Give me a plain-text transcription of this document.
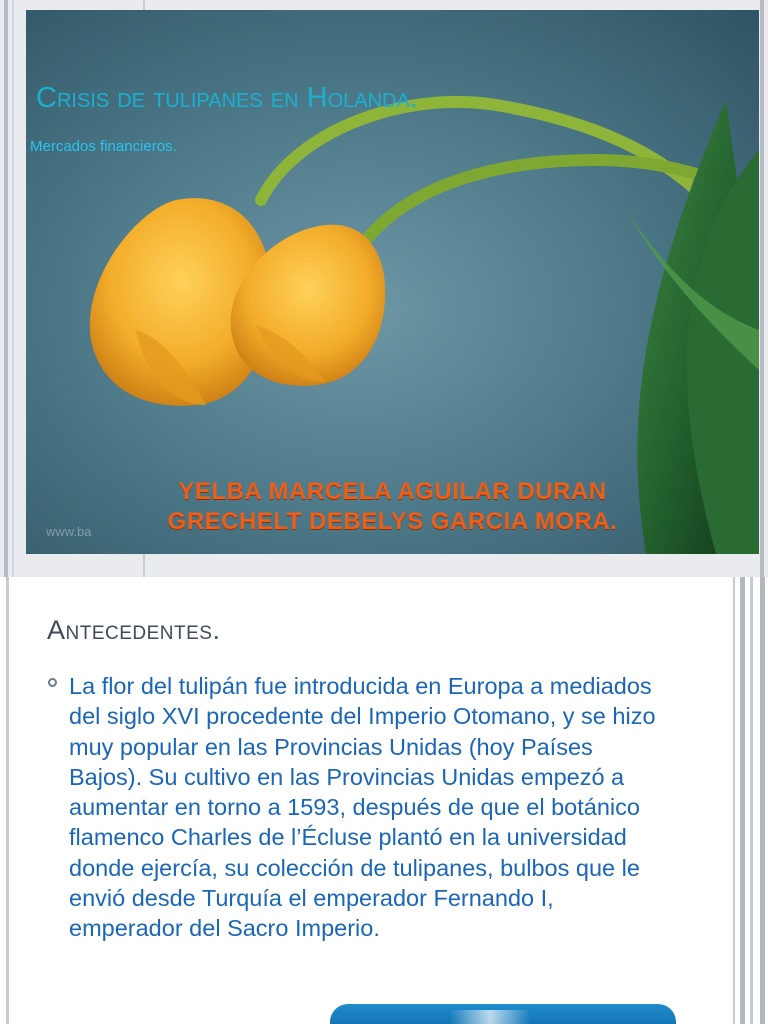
Crisis de tulipanes en Holanda.
Mercados financieros.
YELBA MARCELA AGUILAR DURAN
GRECHELT DEBELYS GARCIA MORA.
www.ba
Antecedentes.

La flor del tulipán fue introducida en Europa a mediados del siglo XVI procedente del Imperio Otomano, y se hizo muy popular en las Provincias Unidas (hoy Países Bajos). Su cultivo en las Provincias Unidas empezó a aumentar en torno a 1593, después de que el botánico flamenco Charles de l’Écluse plantó en la universidad donde ejercía, su colección de tulipanes, bulbos que le envió desde Turquía el emperador Fernando I, emperador del Sacro Imperio.
